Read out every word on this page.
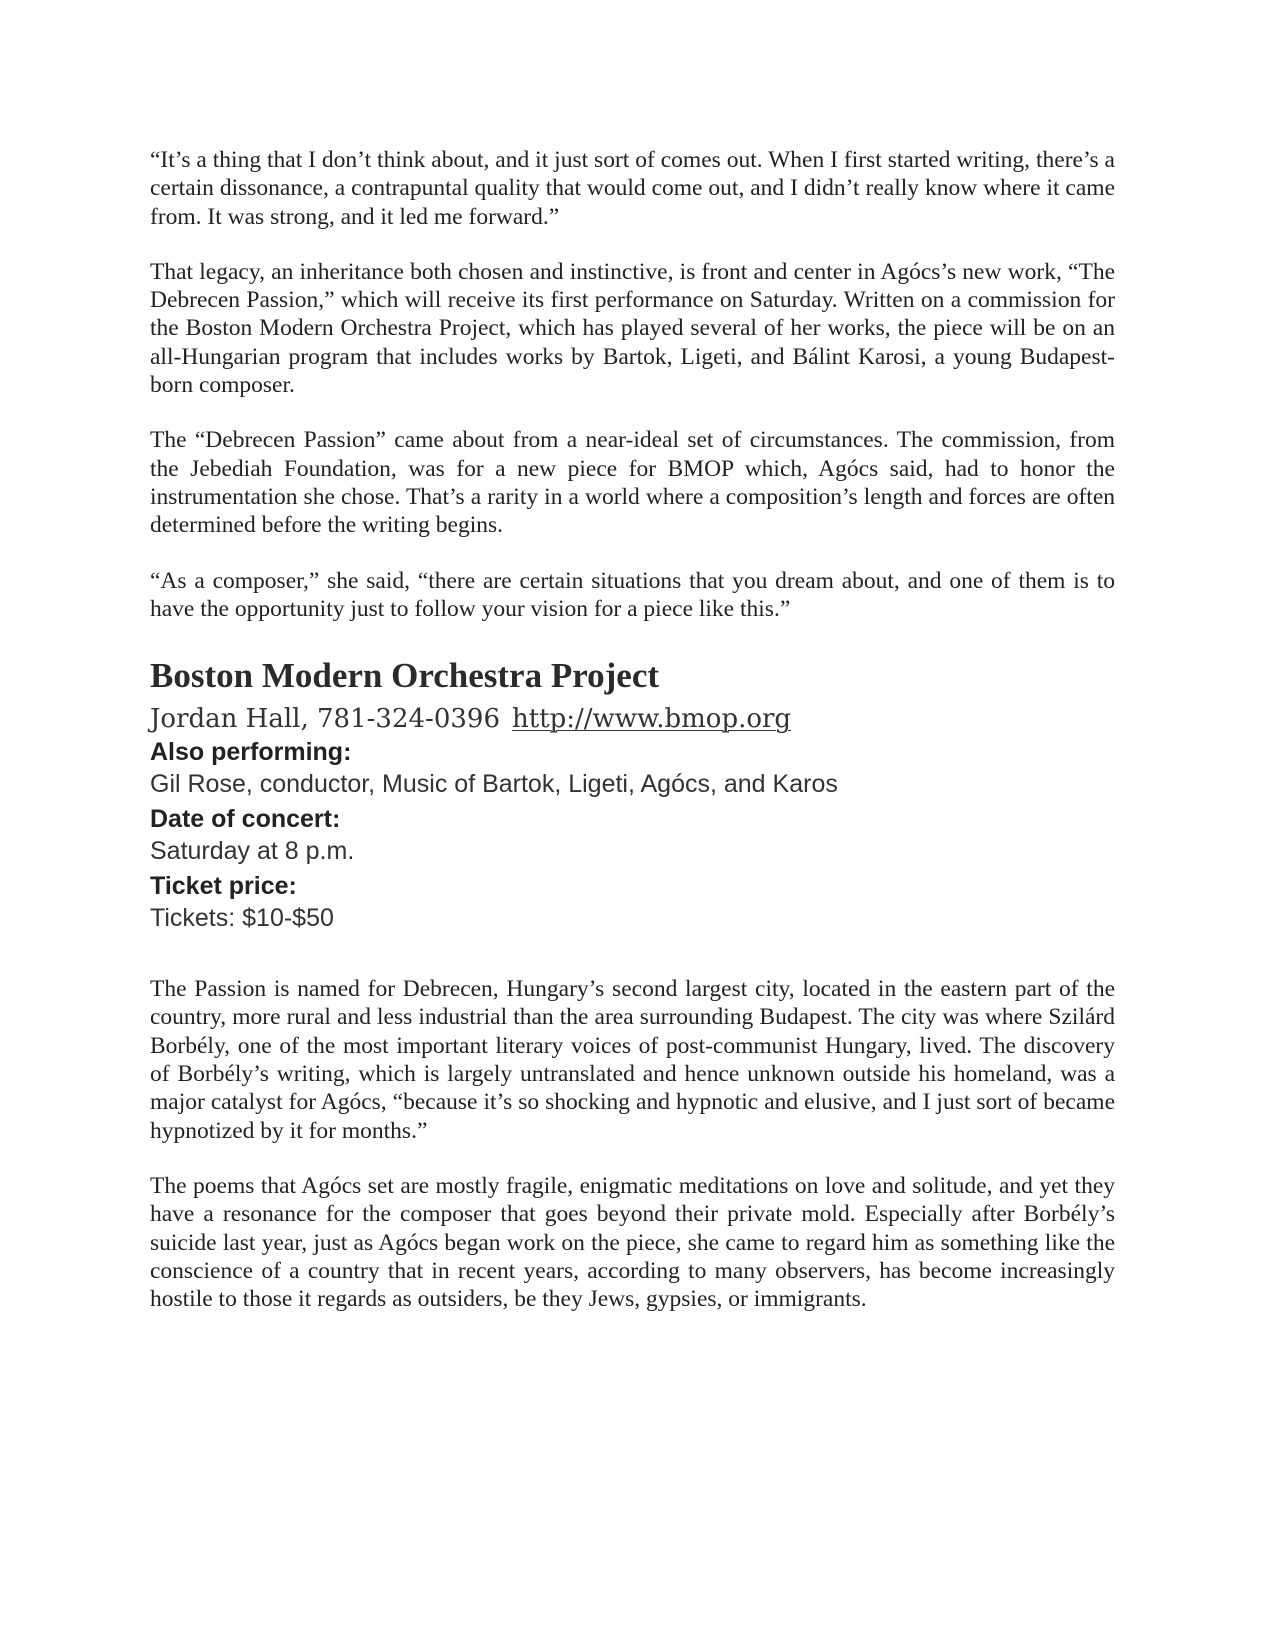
“It’s a thing that I don’t think about, and it just sort of comes out. When I first started writing, there’s a certain dissonance, a contrapuntal quality that would come out, and I didn’t really know where it came from. It was strong, and it led me forward.”

That legacy, an inheritance both chosen and instinctive, is front and center in Agócs’s new work, “The Debrecen Passion,” which will receive its first performance on Saturday. Written on a commission for the Boston Modern Orchestra Project, which has played several of her works, the piece will be on an all-Hungarian program that includes works by Bartok, Ligeti, and Bálint Karosi, a young Budapest-born composer.

The “Debrecen Passion” came about from a near-ideal set of circumstances. The commission, from the Jebediah Foundation, was for a new piece for BMOP which, Agócs said, had to honor the instrumentation she chose. That’s a rarity in a world where a composition’s length and forces are often determined before the writing begins.

“As a composer,” she said, “there are certain situations that you dream about, and one of them is to have the opportunity just to follow your vision for a piece like this.”

Boston Modern Orchestra Project
Jordan Hall, 781-324-0396 http://www.bmop.org
Also performing:
Gil Rose, conductor, Music of Bartok, Ligeti, Agócs, and Karos
Date of concert:
Saturday at 8 p.m.
Ticket price:
Tickets: $10-$50

The Passion is named for Debrecen, Hungary’s second largest city, located in the eastern part of the country, more rural and less industrial than the area surrounding Budapest. The city was where Szilárd Borbély, one of the most important literary voices of post-communist Hungary, lived. The discovery of Borbély’s writing, which is largely untranslated and hence unknown outside his homeland, was a major catalyst for Agócs, “because it’s so shocking and hypnotic and elusive, and I just sort of became hypnotized by it for months.”

The poems that Agócs set are mostly fragile, enigmatic meditations on love and solitude, and yet they have a resonance for the composer that goes beyond their private mold. Especially after Borbély’s suicide last year, just as Agócs began work on the piece, she came to regard him as something like the conscience of a country that in recent years, according to many observers, has become increasingly hostile to those it regards as outsiders, be they Jews, gypsies, or immigrants.
